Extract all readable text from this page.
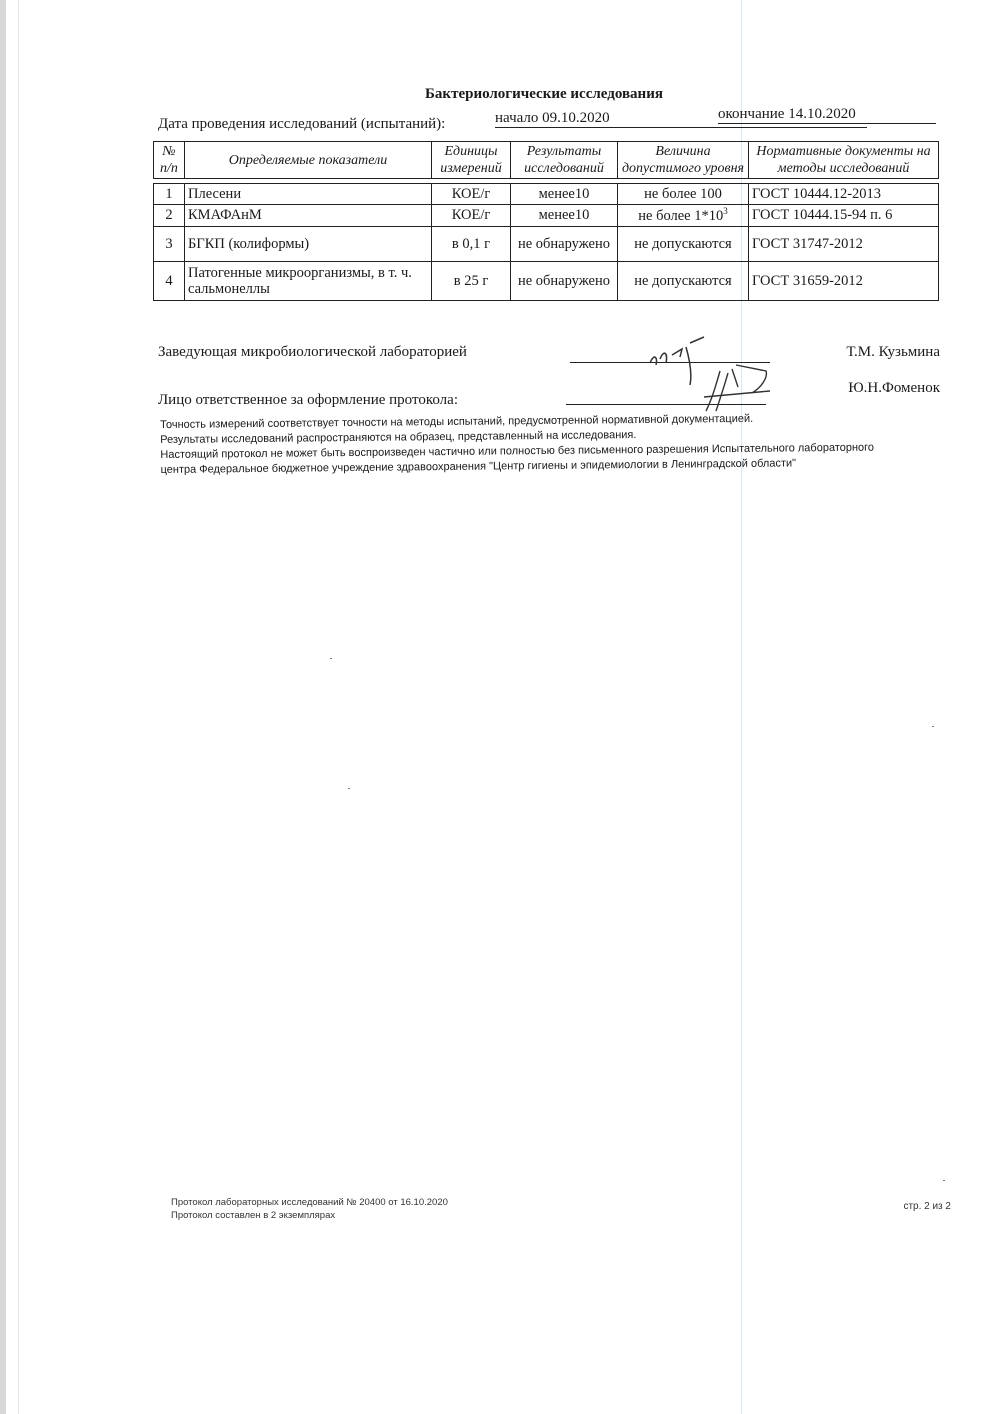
Бактериологические исследования
Дата проведения исследований (испытаний):	начало 09.10.2020	окончание 14.10.2020
№ п/п	Определяемые показатели	Единицы измерений	Результаты исследований	Величина допустимого уровня	Нормативные документы на методы исследований

1	Плесени	КОЕ/г	менее10	не более 100	ГОСТ 10444.12-2013
2	КМАФАнМ	КОЕ/г	менее10	не более $1*10^3$	ГОСТ 10444.15-94 п. 6
3	БГКП (колиформы)	в 0,1 г	не обнаружено	не допускаются	ГОСТ 31747-2012
4	Патогенные микроорганизмы, в т. ч. сальмонеллы	в 25 г	не обнаружено	не допускаются	ГОСТ 31659-2012
Заведующая микробиологической лабораторией	Т.М. Кузьмина
Лицо ответственное за оформление протокола:
Ю.Н.Фоменок
Точность измерений соответствует точности на методы испытаний, предусмотренной нормативной документацией.
Результаты исследований распространяются на образец, представленный на исследования.
Настоящий протокол не может быть воспроизведен частично или полностью без письменного разрешения Испытательного лабораторного
центра Федеральное бюджетное учреждение здравоохранения "Центр гигиены и эпидемиологии в Ленинградской области"
Протокол лабораторных исследований № 20400 от 16.10.2020
Протокол составлен в 2 экземплярах
стр. 2 из 2
